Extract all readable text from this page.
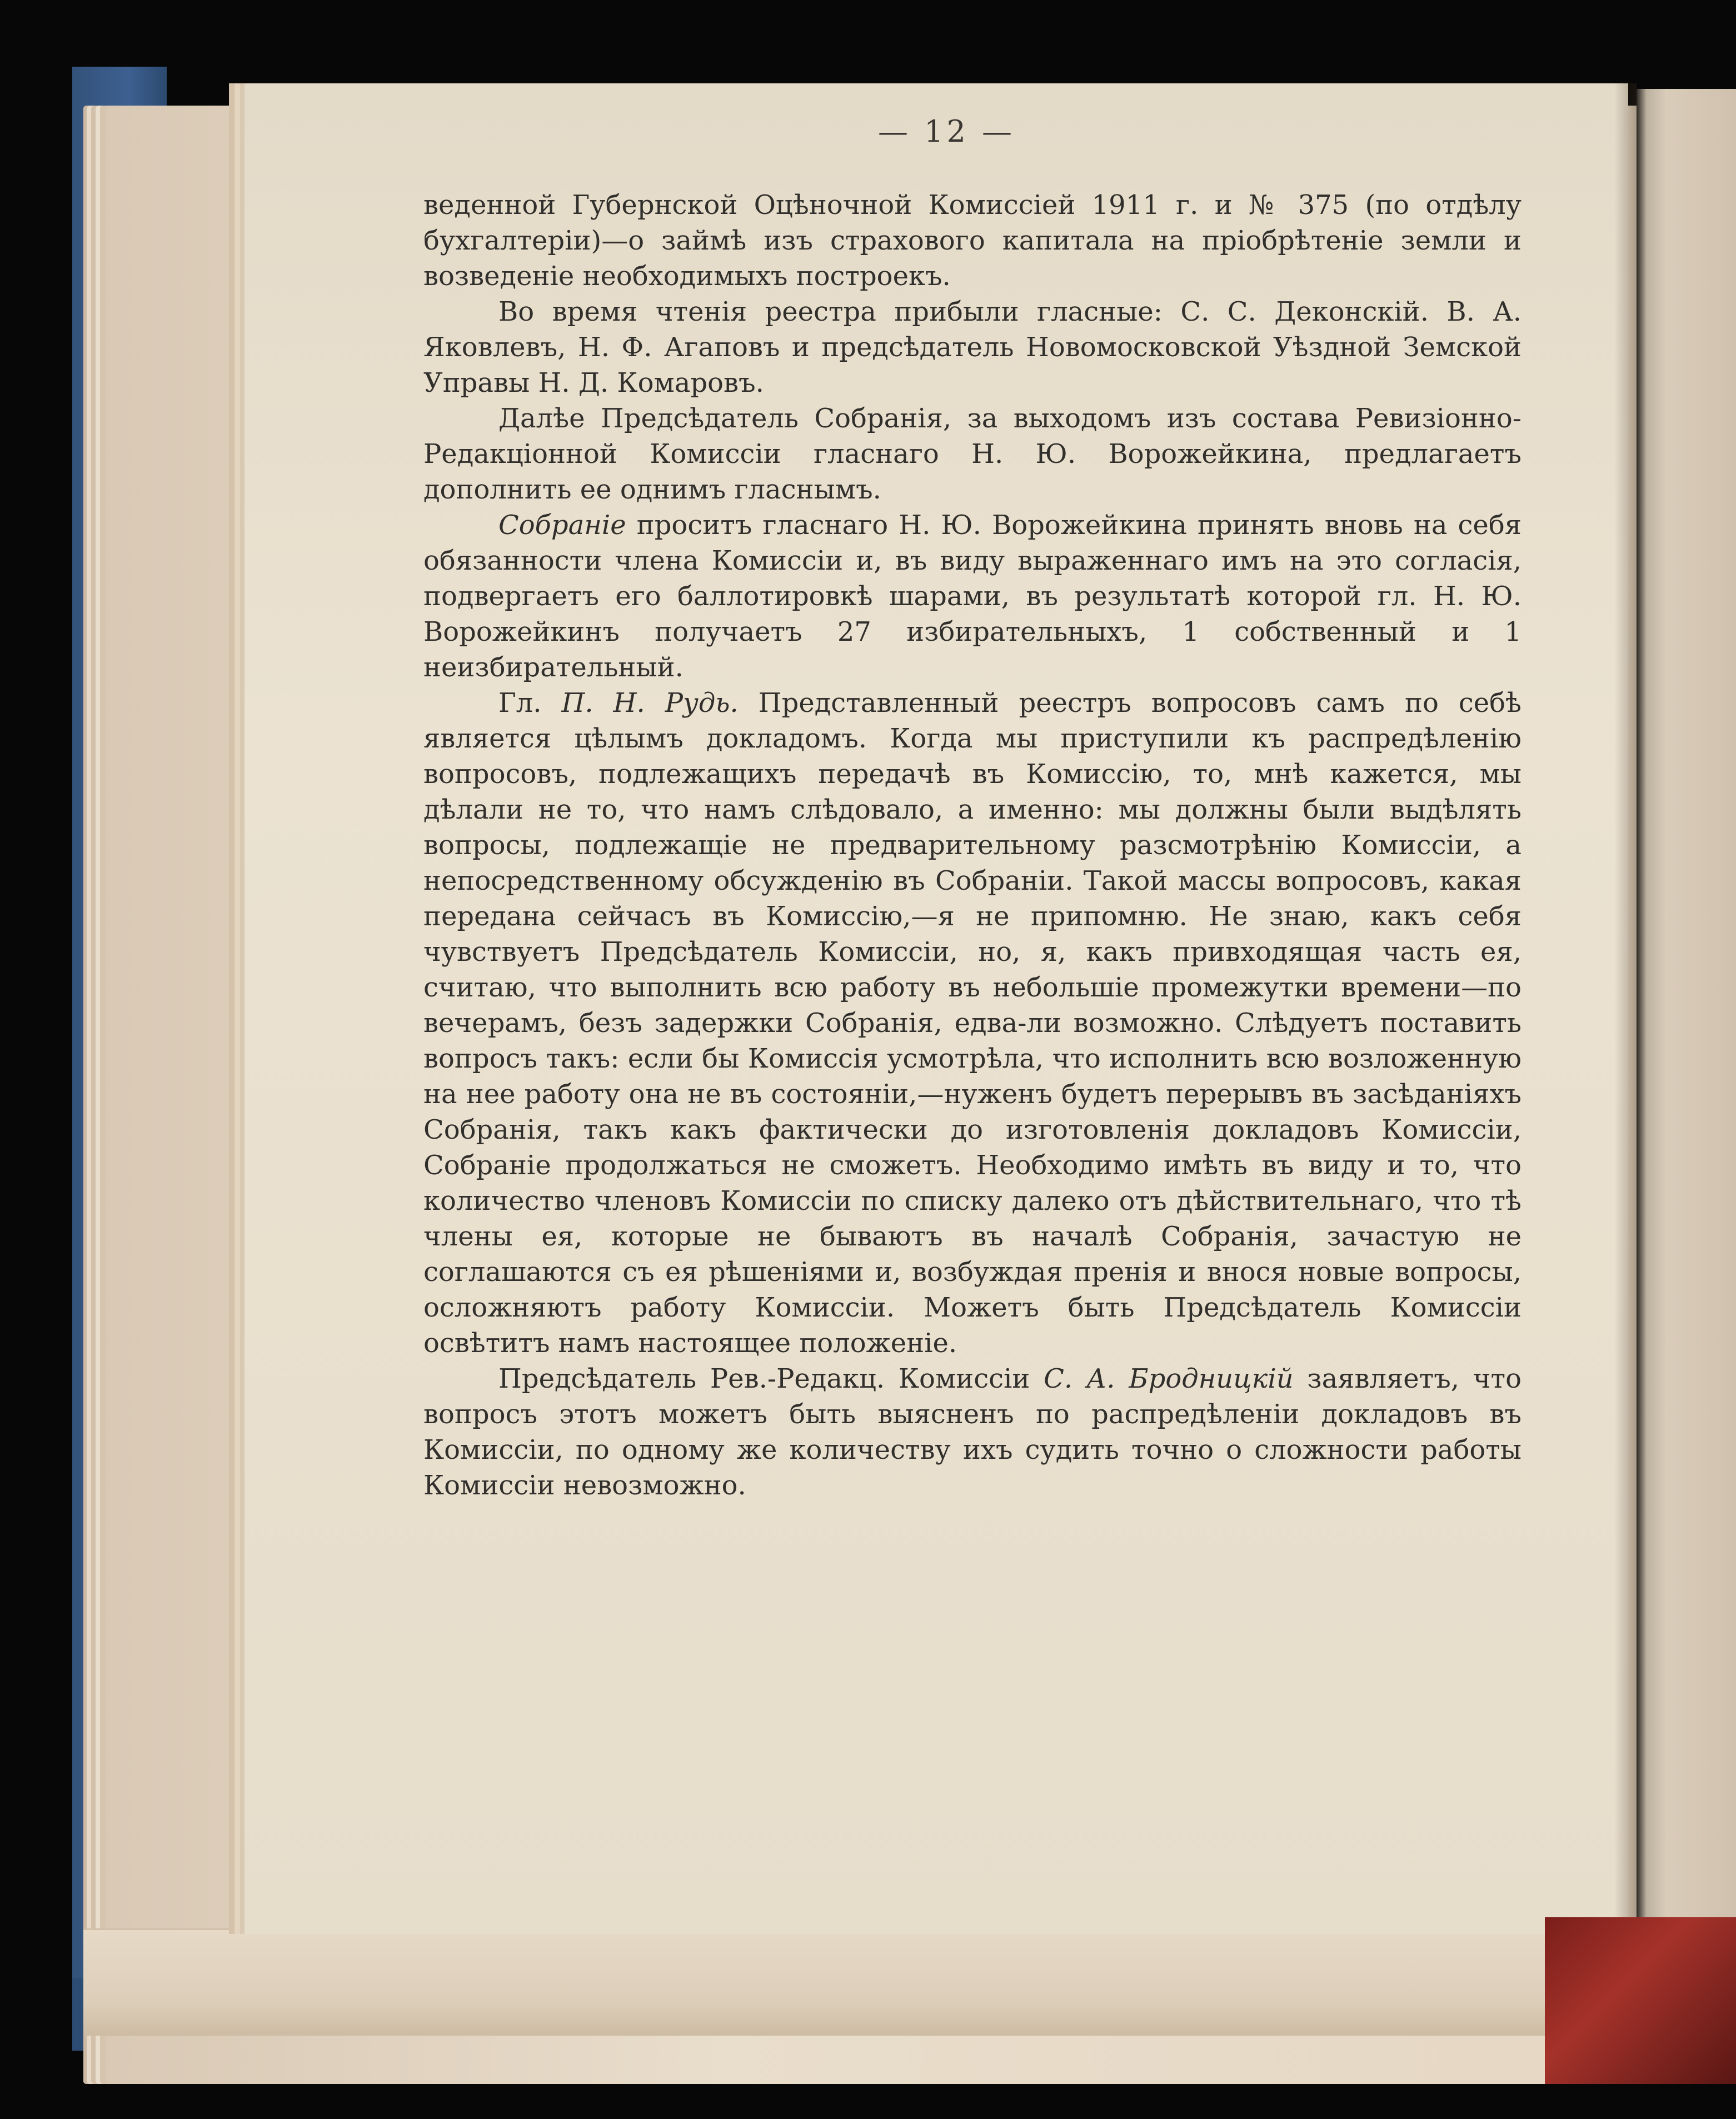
— 12 —

веденной Губернской Оцѣночной Комиссіей 1911 г. и № 375 (по отдѣлу бухгалтеріи)—о займѣ изъ страхового капитала на пріобрѣтеніе земли и возведеніе необходимыхъ построекъ.

Во время чтенія реестра прибыли гласные: С. С. Деконскій. В. А. Яковлевъ, Н. Ф. Агаповъ и предсѣдатель Новомосковской Уѣздной Земской Управы Н. Д. Комаровъ.

Далѣе Предсѣдатель Собранія, за выходомъ изъ состава Ревизіонно-Редакціонной Комиссіи гласнаго Н. Ю. Ворожейкина, предлагаетъ дополнить ее однимъ гласнымъ.

Собраніе проситъ гласнаго Н. Ю. Ворожейкина принять вновь на себя обязанности члена Комиссіи и, въ виду выраженнаго имъ на это согласія, подвергаетъ его баллотировкѣ шарами, въ результатѣ которой гл. Н. Ю. Ворожейкинъ получаетъ 27 избирательныхъ, 1 собственный и 1 неизбирательный.

Гл. П. Н. Рудь. Представленный реестръ вопросовъ самъ по себѣ является цѣлымъ докладомъ. Когда мы приступили къ распредѣленію вопросовъ, подлежащихъ передачѣ въ Комиссію, то, мнѣ кажется, мы дѣлали не то, что намъ слѣдовало, а именно: мы должны были выдѣлять вопросы, подлежащіе не предварительному разсмотрѣнію Комиссіи, а непосредственному обсужденію въ Собраніи. Такой массы вопросовъ, какая передана сейчасъ въ Комиссію,—я не припомню. Не знаю, какъ себя чувствуетъ Предсѣдатель Комиссіи, но, я, какъ привходящая часть ея, считаю, что выполнить всю работу въ небольшіе промежутки времени—по вечерамъ, безъ задержки Собранія, едва-ли возможно. Слѣдуетъ поставить вопросъ такъ: если бы Комиссія усмотрѣла, что исполнить всю возложенную на нее работу она не въ состояніи,—нуженъ будетъ перерывъ въ засѣданіяхъ Собранія, такъ какъ фактически до изготовленія докладовъ Комиссіи, Собраніе продолжаться не сможетъ. Необходимо имѣть въ виду и то, что количество членовъ Комиссіи по списку далеко отъ дѣйствительнаго, что тѣ члены ея, которые не бываютъ въ началѣ Собранія, зачастую не соглашаются съ ея рѣшеніями и, возбуждая пренія и внося новые вопросы, осложняютъ работу Комиссіи. Можетъ быть Предсѣдатель Комиссіи освѣтитъ намъ настоящее положеніе.

Предсѣдатель Рев.-Редакц. Комиссіи С. А. Бродницкій заявляетъ, что вопросъ этотъ можетъ быть выясненъ по распредѣленіи докладовъ въ Комиссіи, по одному же количеству ихъ судить точно о сложности работы Комиссіи невозможно.
